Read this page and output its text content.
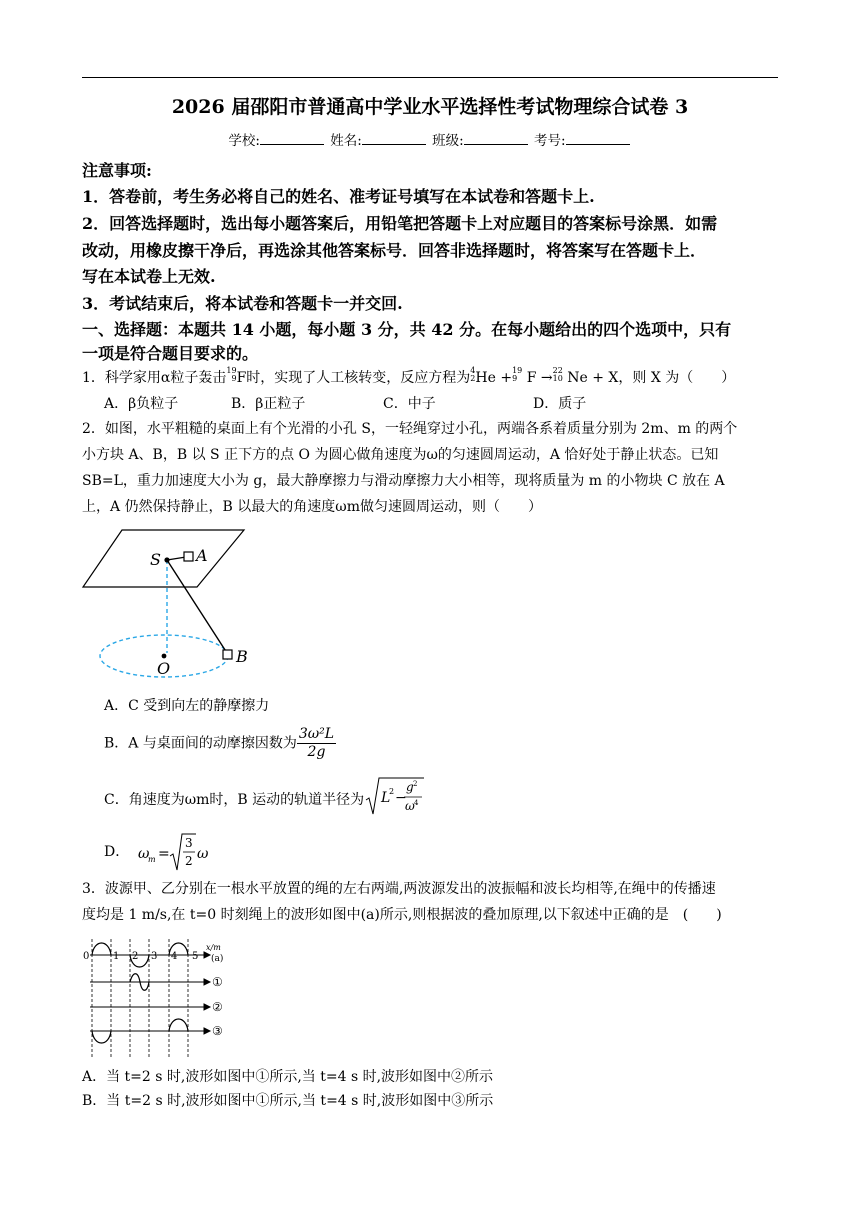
2026 届邵阳市普通高中学业水平选择性考试物理综合试卷 3
学校:	姓名:	班级:	考号:
注意事项:
1．答卷前，考生务必将自己的姓名、准考证号填写在本试卷和答题卡上.
2．回答选择题时，选出每小题答案后，用铅笔把答题卡上对应题目的答案标号涂黑．如需
改动，用橡皮擦干净后，再选涂其他答案标号．回答非选择题时，将答案写在答题卡上．
写在本试卷上无效.
3．考试结束后，将本试卷和答题卡一并交回.
一、选择题：本题共 14 小题，每小题 3 分，共 42 分。在每小题给出的四个选项中，只有
一项是符合题目要求的。
1．科学家用α粒子轰击19
9F时，实现了人工核转变，反应方程为4
2He +19
9 F →22
10 Ne + X，则 X 为（　　）
A．β负粒子	B．β正粒子	C．中子	D．质子
2．如图，水平粗糙的桌面上有个光滑的小孔 S，一轻绳穿过小孔，两端各系着质量分别为 2m、m 的两个
小方块 A、B，B 以 S 正下方的点 O 为圆心做角速度为ω的匀速圆周运动，A 恰好处于静止状态。已知
SB=L，重力加速度大小为 g，最大静摩擦力与滑动摩擦力大小相等，现将质量为 m 的小物块 C 放在 A
上，A 仍然保持静止，B 以最大的角速度ωm做匀速圆周运动，则（　　）
S A
O
B
A．C 受到向左的静摩擦力
B．A 与桌面间的动摩擦因数为 $\frac{\text{3ω²L}}{2g}$
C．角速度为ωm时，B 运动的轨道半径为 L
2 −
g 2
ω 4
D． ω
m =
3
2 ω
3．波源甲、乙分别在一根水平放置的绳的左右两端,两波源发出的波振幅和波长均相等,在绳中的传播速
度均是 1 m/s,在 t=0 时刻绳上的波形如图中(a)所示,则根据波的叠加原理,以下叙述中正确的是　(　　)
0 1 2 3 4 5
x/m
(a)
①
②
③
A．当 t=2 s 时,波形如图中①所示,当 t=4 s 时,波形如图中②所示
B．当 t=2 s 时,波形如图中①所示,当 t=4 s 时,波形如图中③所示
